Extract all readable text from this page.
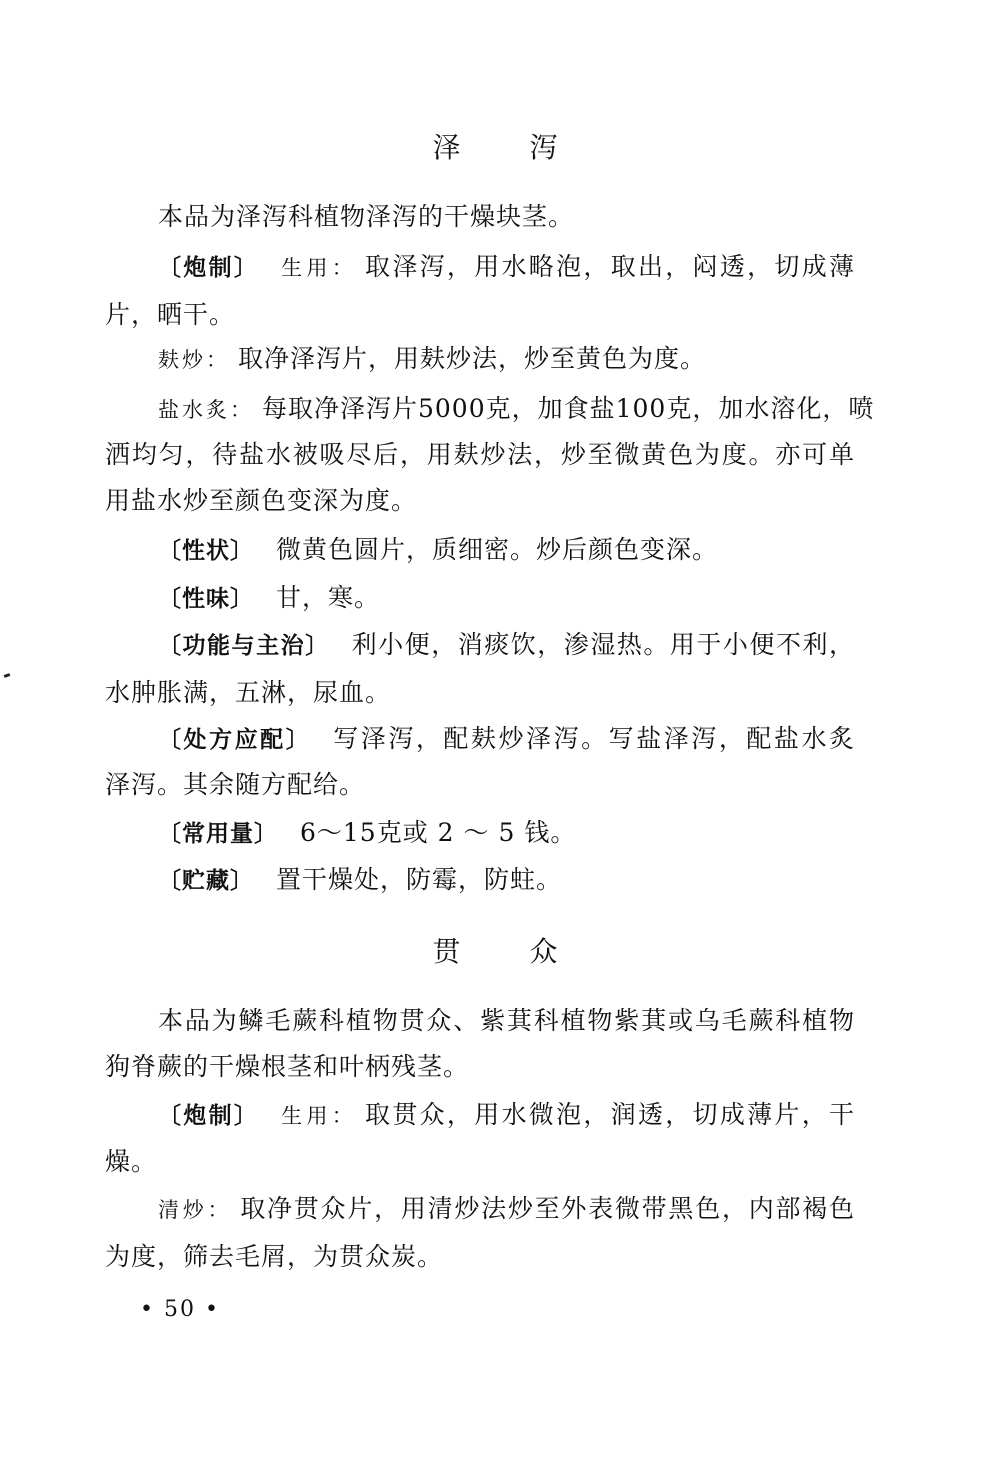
泽 泻
本品为泽泻科植物泽泻的干燥块茎。
〔炮制〕 生用： 取泽泻，用水略泡，取出，闷透，切成薄
片，晒干。
麸炒： 取净泽泻片，用麸炒法，炒至黄色为度。
盐水炙： 每取净泽泻片5000克，加食盐100克，加水溶化，喷
洒均匀，待盐水被吸尽后，用麸炒法，炒至微黄色为度。亦可单
用盐水炒至颜色变深为度。
〔性状〕 微黄色圆片，质细密。炒后颜色变深。
〔性味〕 甘，寒。
〔功能与主治〕 利小便，消痰饮，渗湿热。用于小便不利，
水肿胀满，五淋，尿血。
〔处方应配〕 写泽泻，配麸炒泽泻。写盐泽泻，配盐水炙
泽泻。其余随方配给。
〔常用量〕 6～15克或 2 ～ 5 钱。
〔贮藏〕 置干燥处，防霉，防蛀。
贯 众
本品为鳞毛蕨科植物贯众、紫萁科植物紫萁或乌毛蕨科植物
狗脊蕨的干燥根茎和叶柄残茎。
〔炮制〕 生用： 取贯众，用水微泡，润透，切成薄片，干
燥。
清炒： 取净贯众片，用清炒法炒至外表微带黑色，内部褐色
为度，筛去毛屑，为贯众炭。
• 50 •
